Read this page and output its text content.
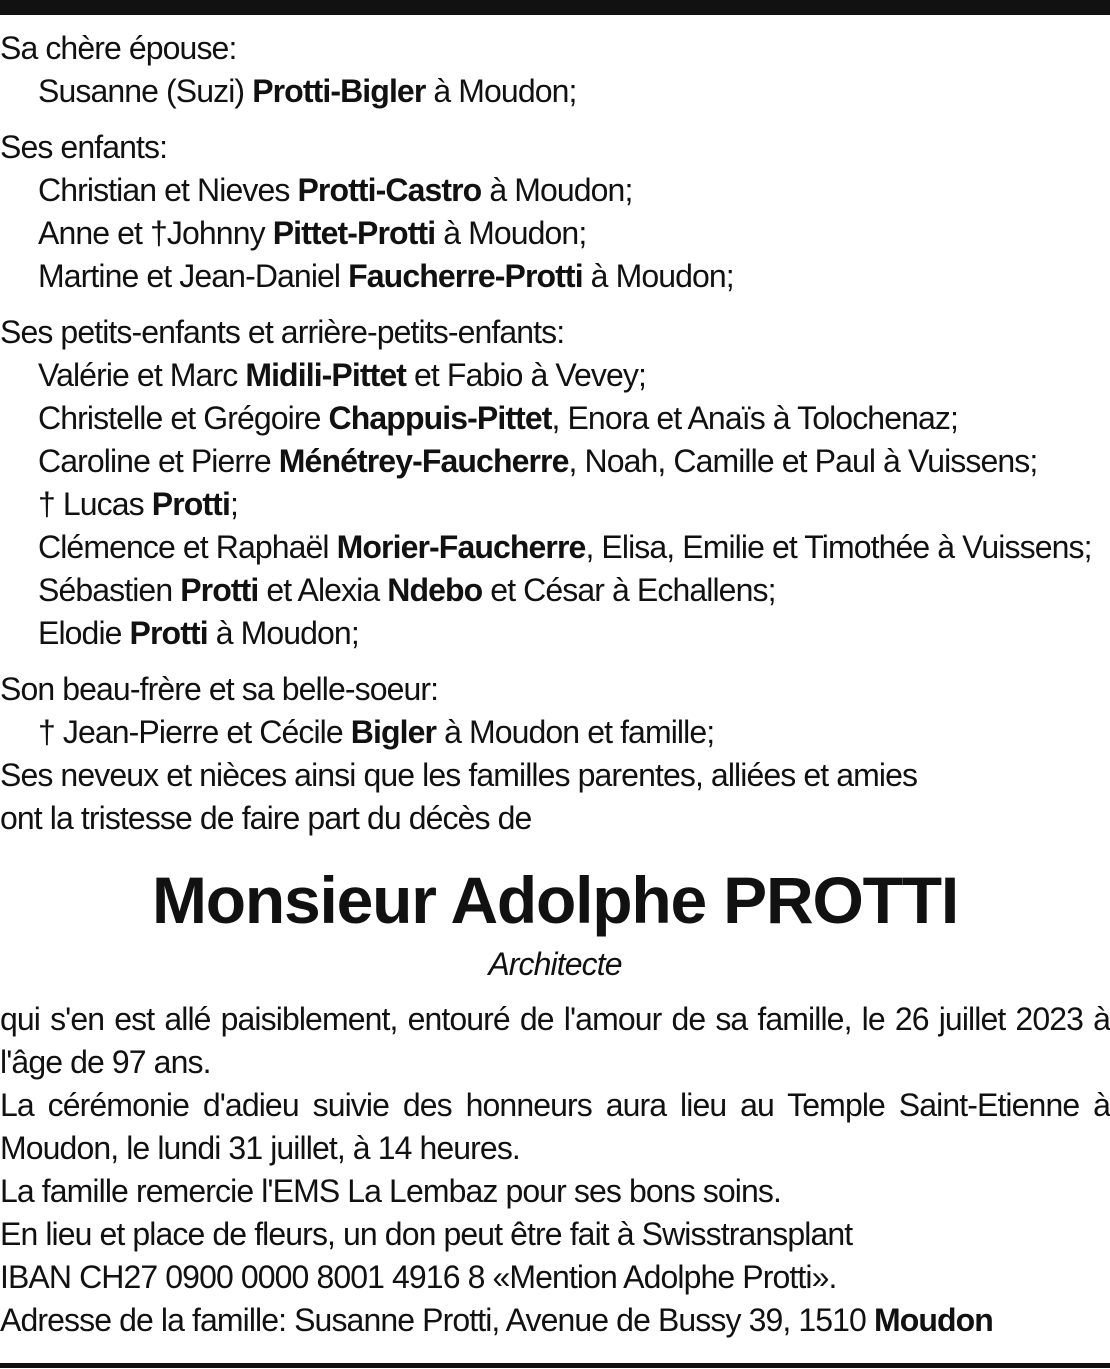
Sa chère épouse:
Susanne (Suzi) Protti-Bigler à Moudon;
Ses enfants:
Christian et Nieves Protti-Castro à Moudon;
Anne et †Johnny Pittet-Protti à Moudon;
Martine et Jean-Daniel Faucherre-Protti à Moudon;
Ses petits-enfants et arrière-petits-enfants:
Valérie et Marc Midili-Pittet et Fabio à Vevey;
Christelle et Grégoire Chappuis-Pittet, Enora et Anaïs à Tolochenaz;
Caroline et Pierre Ménétrey-Faucherre, Noah, Camille et Paul à Vuissens;
† Lucas Protti;
Clémence et Raphaël Morier-Faucherre, Elisa, Emilie et Timothée à Vuissens;
Sébastien Protti et Alexia Ndebo et César à Echallens;
Elodie Protti à Moudon;
Son beau-frère et sa belle-soeur:
† Jean-Pierre et Cécile Bigler à Moudon et famille;
Ses neveux et nièces ainsi que les familles parentes, alliées et amies
ont la tristesse de faire part du décès de
Monsieur Adolphe PROTTI
Architecte
qui s'en est allé paisiblement, entouré de l'amour de sa famille, le 26 juillet 2023 à l'âge de 97 ans.
La cérémonie d'adieu suivie des honneurs aura lieu au Temple Saint-Etienne à Moudon, le lundi 31 juillet, à 14 heures.
La famille remercie l'EMS La Lembaz pour ses bons soins.
En lieu et place de fleurs, un don peut être fait à Swisstransplant
IBAN CH27 0900 0000 8001 4916 8 «Mention Adolphe Protti».
Adresse de la famille: Susanne Protti, Avenue de Bussy 39, 1510 Moudon
